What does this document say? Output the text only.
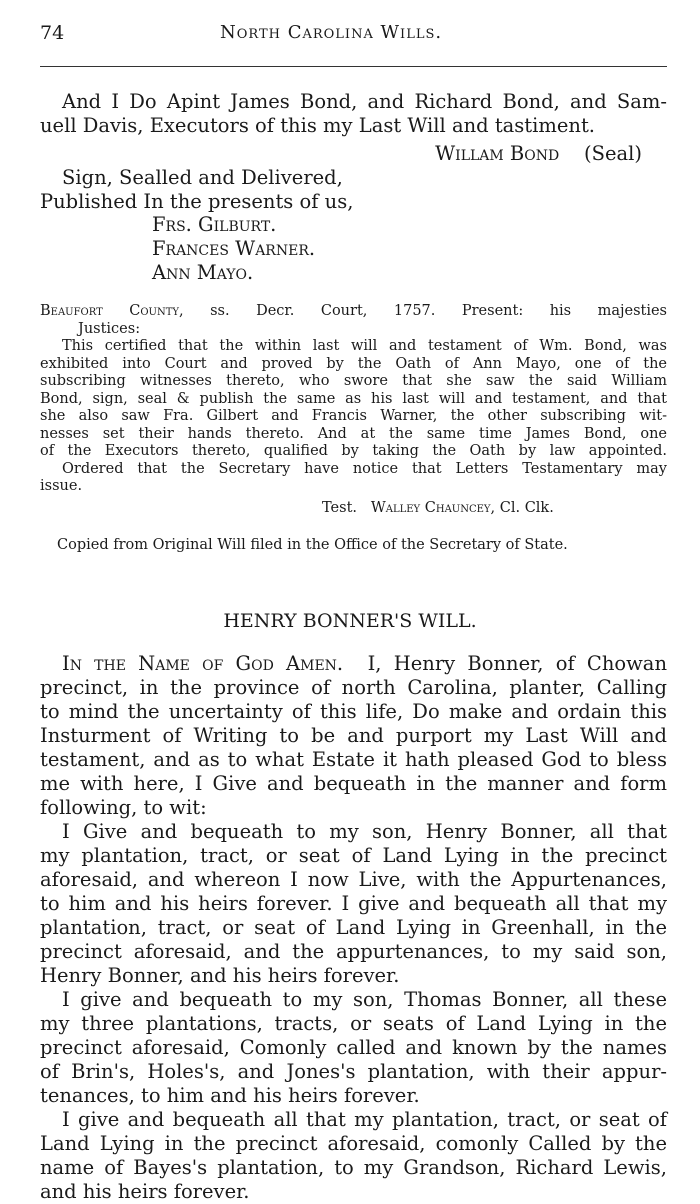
74	North Carolina Wills.

And I Do Apint James Bond, and Richard Bond, and Sam-

uell Davis, Executors of this my Last Will and tastiment.

Willam Bond (Seal)

Sign, Sealled and Delivered,

Published In the presents of us,

Frs. Gilburt.

Frances Warner.

Ann Mayo.

Beaufort County, ss. Decr. Court, 1757. Present: his majesties

Justices:

This certified that the within last will and testament of Wm. Bond, was

exhibited into Court and proved by the Oath of Ann Mayo, one of the

subscribing witnesses thereto, who swore that she saw the said William

Bond, sign, seal & publish the same as his last will and testament, and that

she also saw Fra. Gilbert and Francis Warner, the other subscribing wit-

nesses set their hands thereto. And at the same time James Bond, one

of the Executors thereto, qualified by taking the Oath by law appointed.

Ordered that the Secretary have notice that Letters Testamentary may

issue.

Test. Walley Chauncey, Cl. Clk.
Copied from Original Will filed in the Office of the Secretary of State.
HENRY BONNER'S WILL.

In the Name of God Amen. I, Henry Bonner, of Chowan

precinct, in the province of north Carolina, planter, Calling

to mind the uncertainty of this life, Do make and ordain this

Insturment of Writing to be and purport my Last Will and

testament, and as to what Estate it hath pleased God to bless

me with here, I Give and bequeath in the manner and form

following, to wit:

I Give and bequeath to my son, Henry Bonner, all that

my plantation, tract, or seat of Land Lying in the precinct

aforesaid, and whereon I now Live, with the Appurtenances,

to him and his heirs forever. I give and bequeath all that my

plantation, tract, or seat of Land Lying in Greenhall, in the

precinct aforesaid, and the appurtenances, to my said son,

Henry Bonner, and his heirs forever.

I give and bequeath to my son, Thomas Bonner, all these

my three plantations, tracts, or seats of Land Lying in the

precinct aforesaid, Comonly called and known by the names

of Brin's, Holes's, and Jones's plantation, with their appur-

tenances, to him and his heirs forever.

I give and bequeath all that my plantation, tract, or seat of

Land Lying in the precinct aforesaid, comonly Called by the

name of Bayes's plantation, to my Grandson, Richard Lewis,

and his heirs forever.
